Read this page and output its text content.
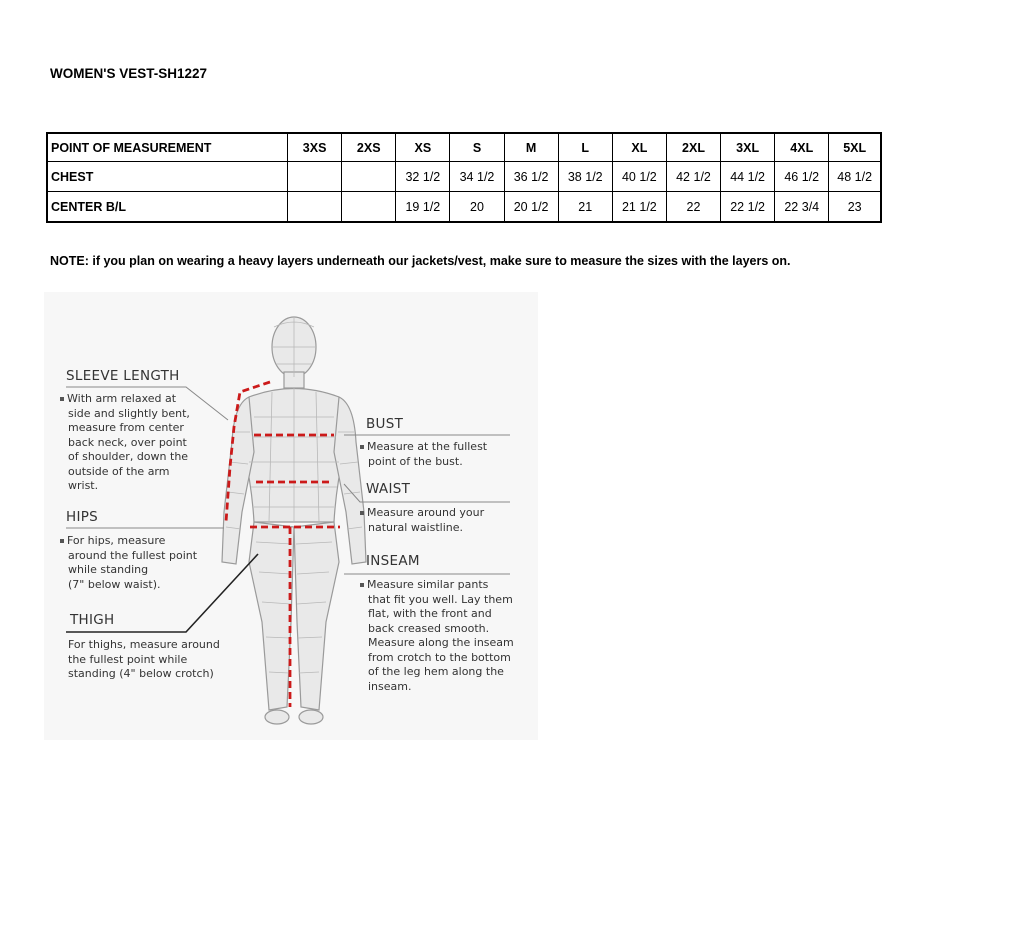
WOMEN'S VEST-SH1227
POINT OF MEASUREMENT	3XS	2XS	XS	S	M	L	XL	2XL	3XL	4XL	5XL
CHEST			32 1/2	34 1/2	36 1/2	38 1/2	40 1/2	42 1/2	44 1/2	46 1/2	48 1/2
CENTER B/L			19 1/2	20	20 1/2	21	21 1/2	22	22 1/2	22 3/4	23
NOTE: if you plan on wearing a heavy layers underneath our jackets/vest, make sure to measure the sizes with the layers on.
SLEEVE LENGTH
With arm relaxed at
side and slightly bent,
measure from center
back neck, over point
of shoulder, down the
outside of the arm
wrist.
HIPS
For hips, measure
around the fullest point
while standing
(7" below waist).
THIGH
For thighs, measure around
the fullest point while
standing (4" below crotch)
BUST
Measure at the fullest
point of the bust.
WAIST
Measure around your
natural waistline.
INSEAM
Measure similar pants
that fit you well. Lay them
flat, with the front and
back creased smooth.
Measure along the inseam
from crotch to the bottom
of the leg hem along the
inseam.
